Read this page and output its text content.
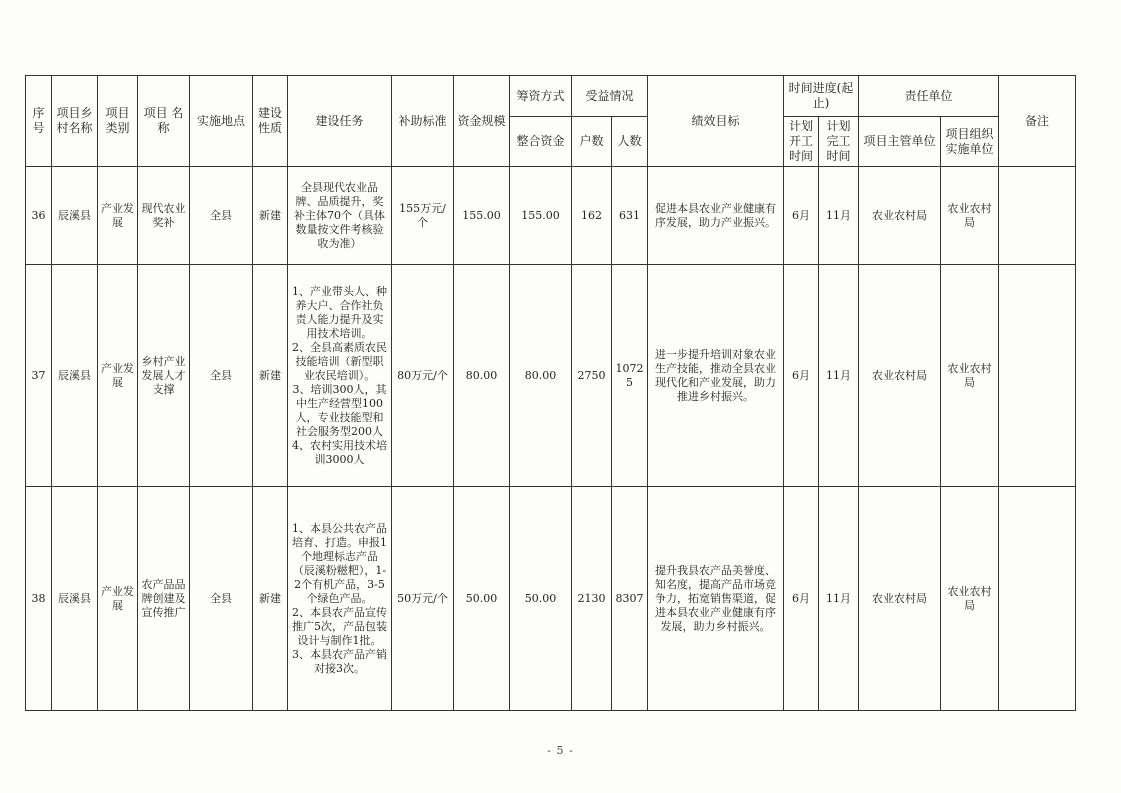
序号	项目乡村名称	项目类别	项目 名称	实施地点	建设性质	建设任务	补助标准	资金规模	筹资方式	受益情况		绩效目标	时间进度(起止)		责任单位		备注
									整合资金	户数	人数		计划开工时间	计划完工时间	项目主管单位	项目组织实施单位	
36	辰溪县	产业发展	现代农业奖补	全县	新建	全县现代农业品牌、品质提升，奖补主体70个（具体数量按文件考核验收为准）	155万元/个	155.00	155.00	162	631	促进本县农业产业健康有序发展，助力产业振兴。	6月	11月	农业农村局	农业农村局	
37	辰溪县	产业发展	乡村产业发展人才支撑	全县	新建	1、产业带头人、种养大户、合作社负责人能力提升及实用技术培训。
2、全县高素质农民技能培训（新型职业农民培训）。
3、培训300人，其中生产经营型100人，专业技能型和社会服务型200人
4、农村实用技术培训3000人	80万元/个	80.00	80.00	2750	10725	进一步提升培训对象农业生产技能，推动全县农业现代化和产业发展，助力推进乡村振兴。	6月	11月	农业农村局	农业农村局	
38	辰溪县	产业发展	农产品品牌创建及宣传推广	全县	新建	1、本县公共农产品培育、打造。申报1个地理标志产品（辰溪粉糍粑），1-2个有机产品，3-5个绿色产品。
2、本县农产品宣传推广5次，产品包装设计与制作1批。
3、本县农产品产销对接3次。	50万元/个	50.00	50.00	2130	8307	提升我县农产品美誉度、知名度，提高产品市场竞争力，拓宽销售渠道，促进本县农业产业健康有序发展，助力乡村振兴。	6月	11月	农业农村局	农业农村局	
- 5 -
